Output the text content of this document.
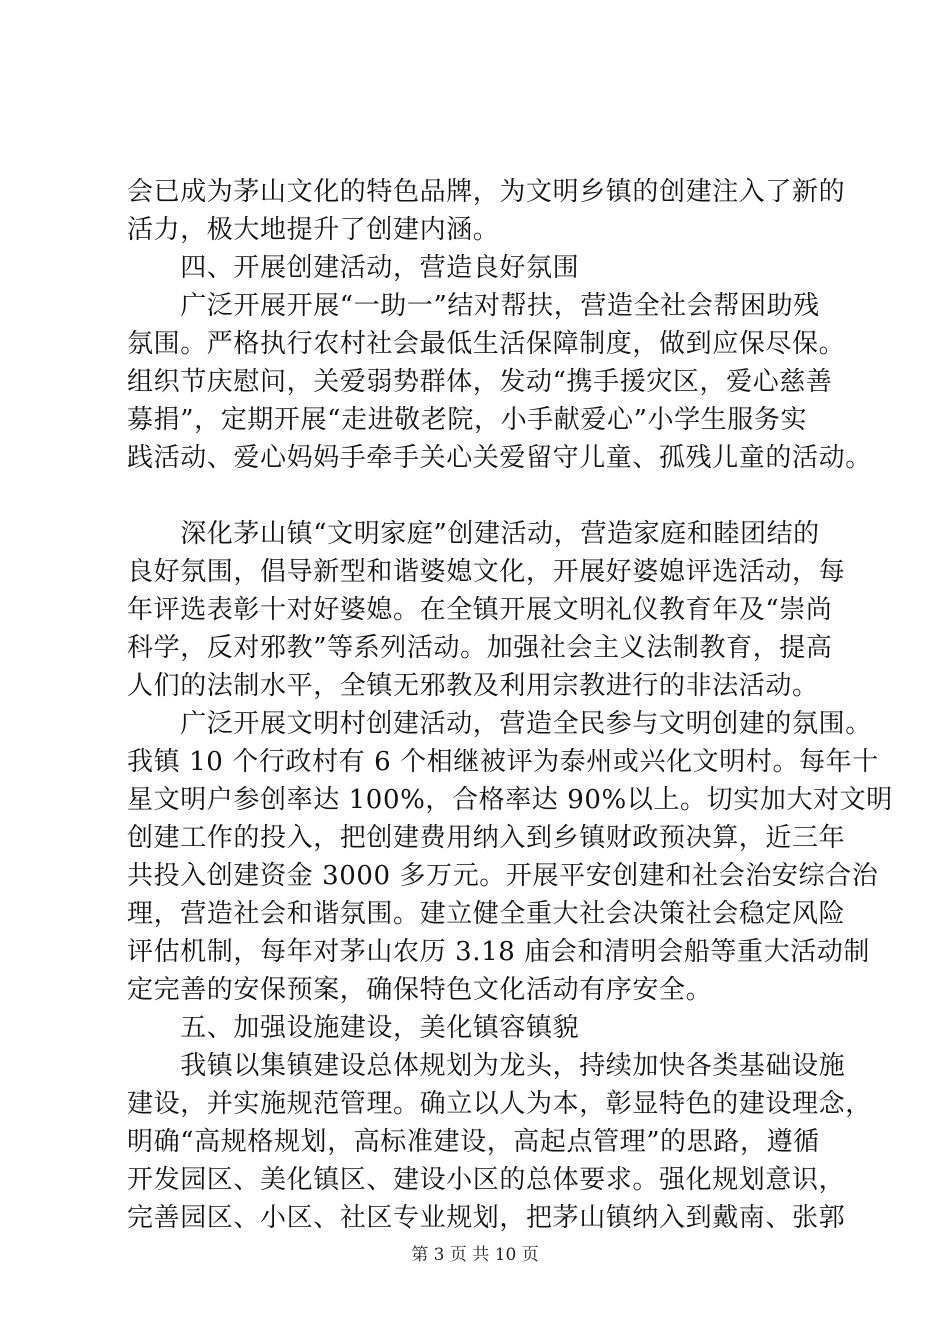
会已成为茅山文化的特色品牌，为文明乡镇的创建注入了新的
活力，极大地提升了创建内涵。
　　四、开展创建活动，营造良好氛围
　　广泛开展开展“一助一”结对帮扶，营造全社会帮困助残
氛围。严格执行农村社会最低生活保障制度，做到应保尽保。
组织节庆慰问，关爱弱势群体，发动“携手援灾区，爱心慈善
募捐”，定期开展“走进敬老院，小手献爱心”小学生服务实
践活动、爱心妈妈手牵手关心关爱留守儿童、孤残儿童的活动。
　　深化茅山镇“文明家庭”创建活动，营造家庭和睦团结的
良好氛围，倡导新型和谐婆媳文化，开展好婆媳评选活动，每
年评选表彰十对好婆媳。在全镇开展文明礼仪教育年及“崇尚
科学，反对邪教”等系列活动。加强社会主义法制教育，提高
人们的法制水平，全镇无邪教及利用宗教进行的非法活动。
　　广泛开展文明村创建活动，营造全民参与文明创建的氛围。
我镇 10 个行政村有 6 个相继被评为泰州或兴化文明村。每年十
星文明户参创率达 100%，合格率达 90%以上。切实加大对文明
创建工作的投入，把创建费用纳入到乡镇财政预决算，近三年
共投入创建资金 3000 多万元。开展平安创建和社会治安综合治
理，营造社会和谐氛围。建立健全重大社会决策社会稳定风险
评估机制，每年对茅山农历 3.18 庙会和清明会船等重大活动制
定完善的安保预案，确保特色文化活动有序安全。
　　五、加强设施建设，美化镇容镇貌
　　我镇以集镇建设总体规划为龙头，持续加快各类基础设施
建设，并实施规范管理。确立以人为本，彰显特色的建设理念，
明确“高规格规划，高标准建设，高起点管理”的思路，遵循
开发园区、美化镇区、建设小区的总体要求。强化规划意识，
完善园区、小区、社区专业规划，把茅山镇纳入到戴南、张郭
第 3 页 共 10 页
